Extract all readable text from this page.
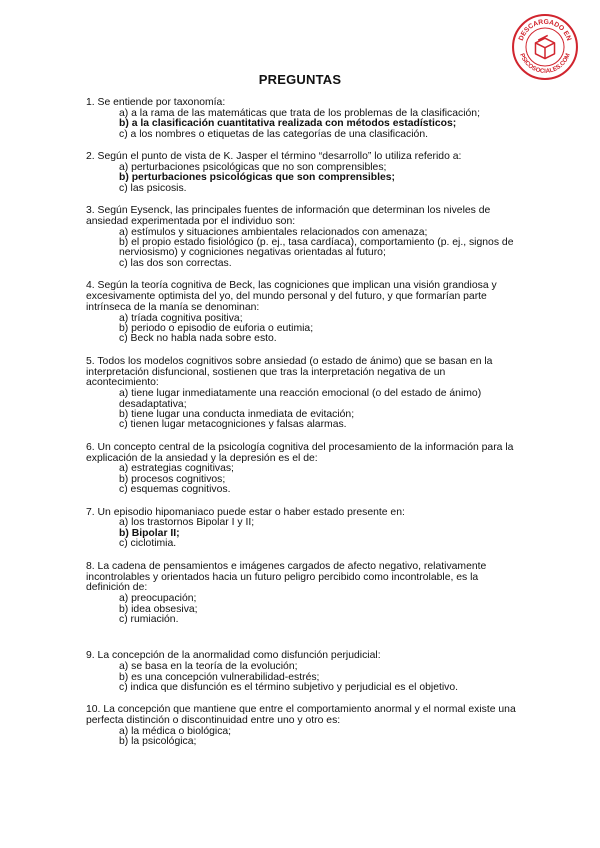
DESCARGADO EN
PSICOSOCIALES.COM
PREGUNTAS
1. Se entiende por taxonomía:
a) a la rama de las matemáticas que trata de los problemas de la clasificación;
b) a la clasificación cuantitativa realizada con métodos estadísticos;
c) a los nombres o etiquetas de las categorías de una clasificación.
2. Según el punto de vista de K. Jasper el término “desarrollo” lo utiliza referido a:
a) perturbaciones psicológicas que no son comprensibles;
b) perturbaciones psicológicas que son comprensibles;
c) las psicosis.
3. Según Eysenck, las principales fuentes de información que determinan los niveles de ansiedad experimentada por el individuo son:
a) estímulos y situaciones ambientales relacionados con amenaza;
b) el propio estado fisiológico (p. ej., tasa cardíaca), comportamiento (p. ej., signos de nerviosismo) y cogniciones negativas orientadas al futuro;
c) las dos son correctas.
4. Según la teoría cognitiva de Beck, las cogniciones que implican una visión grandiosa y excesivamente optimista del yo, del mundo personal y del futuro, y que formarían parte intrínseca de la manía se denominan:
a) tríada cognitiva positiva;
b) periodo o episodio de euforia o eutimia;
c) Beck no habla nada sobre esto.
5. Todos los modelos cognitivos sobre ansiedad (o estado de ánimo) que se basan en la interpretación disfuncional, sostienen que tras la interpretación negativa de un acontecimiento:
a) tiene lugar inmediatamente una reacción emocional (o del estado de ánimo) desadaptativa;
b) tiene lugar una conducta inmediata de evitación;
c) tienen lugar metacogniciones y falsas alarmas.
6. Un concepto central de la psicología cognitiva del procesamiento de la información para la explicación de la ansiedad y la depresión es el de:
a) estrategias cognitivas;
b) procesos cognitivos;
c) esquemas cognitivos.
7. Un episodio hipomaniaco puede estar o haber estado presente en:
a) los trastornos Bipolar I y II;
b) Bipolar II;
c) ciclotimia.
8. La cadena de pensamientos e imágenes cargados de afecto negativo, relativamente incontrolables y orientados hacia un futuro peligro percibido como incontrolable, es la definición de:
a) preocupación;
b) idea obsesiva;
c) rumiación.
9. La concepción de la anormalidad como disfunción perjudicial:
a) se basa en la teoría de la evolución;
b) es una concepción vulnerabilidad-estrés;
c) indica que disfunción es el término subjetivo y perjudicial es el objetivo.
10. La concepción que mantiene que entre el comportamiento anormal y el normal existe una perfecta distinción o discontinuidad entre uno y otro es:
a) la médica o biológica;
b) la psicológica;
